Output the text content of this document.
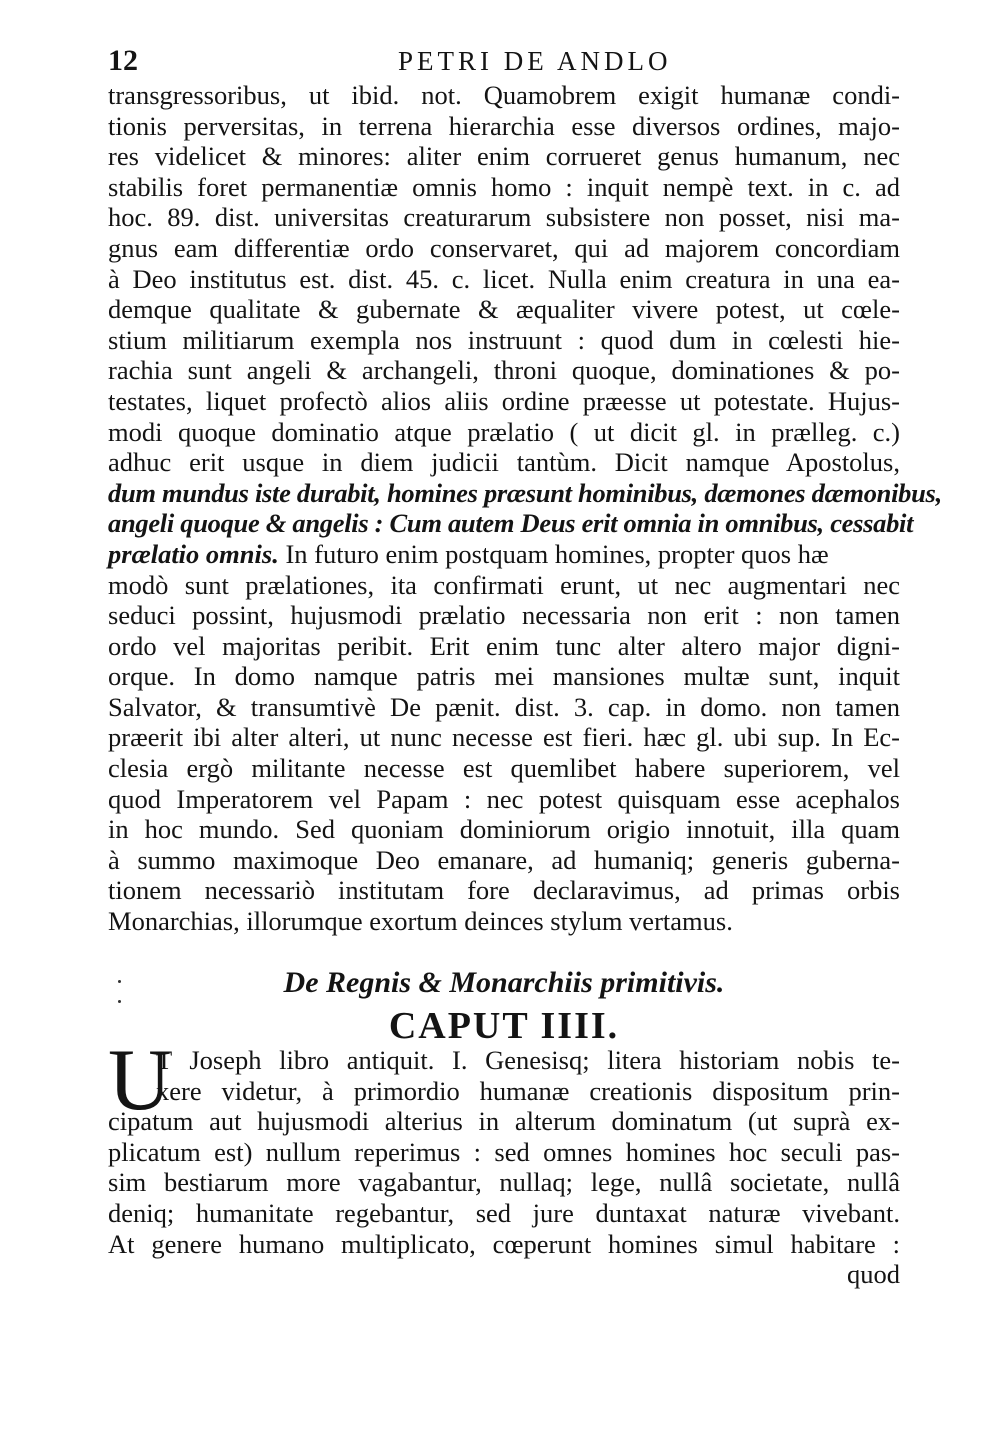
12	PETRI DE ANDLO
transgressoribus, ut ibid. not. Quamobrem exigit humanæ condi-
tionis perversitas, in terrena hierarchia esse diversos ordines, majo-
res videlicet & minores: aliter enim corrueret genus humanum, nec
stabilis foret permanentiæ omnis homo : inquit nempè text. in c. ad
hoc. 89. dist. universitas creaturarum subsistere non posset, nisi ma-
gnus eam differentiæ ordo conservaret, qui ad majorem concordiam
à Deo institutus est. dist. 45. c. licet. Nulla enim creatura in una ea-
demque qualitate & gubernate & æqualiter vivere potest, ut cœle-
stium militiarum exempla nos instruunt : quod dum in cœlesti hie-
rachia sunt angeli & archangeli, throni quoque, dominationes & po-
testates, liquet profectò alios aliis ordine præesse ut potestate. Hujus-
modi quoque dominatio atque prælatio ( ut dicit gl. in prælleg. c.)
adhuc erit usque in diem judicii tantùm. Dicit namque Apostolus,
dum mundus iste durabit, homines præsunt hominibus, dæmones dæmonibus,
angeli quoque & angelis : Cum autem Deus erit omnia in omnibus, cessabit
prælatio omnis. In futuro enim postquam homines, propter quos hæ
modò sunt prælationes, ita confirmati erunt, ut nec augmentari nec
seduci possint, hujusmodi prælatio necessaria non erit : non tamen
ordo vel majoritas peribit. Erit enim tunc alter altero major digni-
orque. In domo namque patris mei mansiones multæ sunt, inquit
Salvator, & transumtivè De pænit. dist. 3. cap. in domo. non tamen
præerit ibi alter alteri, ut nunc necesse est fieri. hæc gl. ubi sup. In Ec-
clesia ergò militante necesse est quemlibet habere superiorem, vel
quod Imperatorem vel Papam : nec potest quisquam esse acephalos
in hoc mundo. Sed quoniam dominiorum origio innotuit, illa quam
à summo maximoque Deo emanare, ad humaniq; generis guberna-
tionem necessariò institutam fore declaravimus, ad primas orbis
Monarchias, illorumque exortum deinces stylum vertamus.
De Regnis & Monarchiis primitivis.
CAPUT IIII.
U
T Joseph libro antiquit. I. Genesisq; litera historiam nobis te-
xere videtur, à primordio humanæ creationis dispositum prin-
cipatum aut hujusmodi alterius in alterum dominatum (ut suprà ex-
plicatum est) nullum reperimus : sed omnes homines hoc seculi pas-
sim bestiarum more vagabantur, nullaq; lege, nullâ societate, nullâ
deniq; humanitate regebantur, sed jure duntaxat naturæ vivebant.
At genere humano multiplicato, cœperunt homines simul habitare :
quod
